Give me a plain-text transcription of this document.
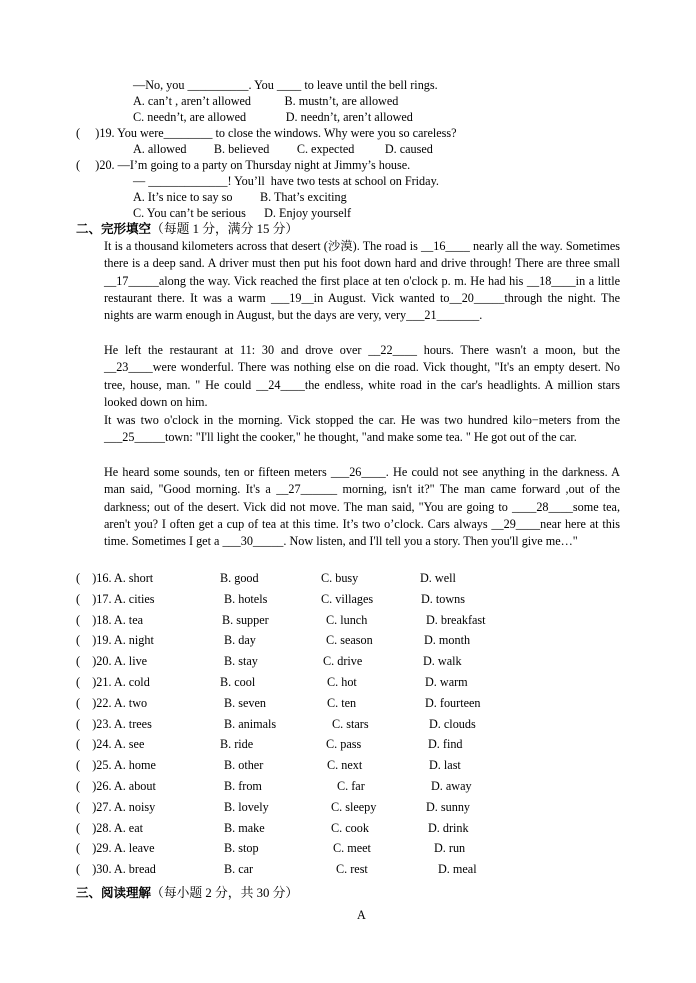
—No, you __________. You ____ to leave until the bell rings.
A. can’t , aren’t allowed           B. mustn’t, are allowed
C. needn’t, are allowed             D. needn’t, aren’t allowed
(     )19. You were________ to close the windows. Why were you so careless?
A. allowed         B. believed         C. expected          D. caused
(     )20. —I’m going to a party on Thursday night at Jimmy’s house.
— _____________! You’ll  have two tests at school on Friday.
A. It’s nice to say so         B. That’s exciting
C. You can’t be serious      D. Enjoy yourself
二、完形填空（每题 1 分，满分 15 分）
It is a thousand kilometers across that desert (沙漠). The road is __16____ nearly all the way. Sometimes there is a deep sand. A driver must then put his foot down hard and drive through! There are three small __17_____along the way. Vick reached the first place at ten o'clock p. m. He had his __18____in a little restaurant there. It was a warm ___19__in August. Vick wanted to__20_____through the night. The nights are warm enough in August, but the days are very, very___21_______.
He left the restaurant at 11: 30 and drove over __22____ hours. There wasn't a moon, but the __23____were wonderful. There was nothing else on die road. Vick thought, "It's an empty desert. No tree, house, man. " He could __24____the endless, white road in the car's headlights. A million stars looked down on him.
It was two o'clock in the morning. Vick stopped the car. He was two hundred kilo−meters from the ___25_____town: "I'll light the cooker," he thought, "and make some tea. " He got out of the car.
He heard some sounds, ten or fifteen meters ___26____. He could not see anything in the darkness. A man said, "Good morning. It's a __27______ morning, isn't it?" The man came forward ,out of the darkness; out of the desert. Vick did not move. The man said, "You are going to ____28____some tea, aren't you? I often get a cup of tea at this time. It’s two o’clock. Cars always __29____near here at this time. Sometimes I get a ___30_____. Now listen, and I'll tell you a story. Then you'll give me…"
(    )16. A. short	B. good	C. busy	D. well
(    )17. A. cities	B. hotels	C. villages	D. towns
(    )18. A. tea	B. supper	C. lunch	D. breakfast
(    )19. A. night	B. day	C. season	D. month
(    )20. A. live	B. stay	C. drive	D. walk
(    )21. A. cold	B. cool	C. hot	D. warm
(    )22. A. two	B. seven	C. ten	D. fourteen
(    )23. A. trees	B. animals	C. stars	D. clouds
(    )24. A. see	B. ride	C. pass	D. find
(    )25. A. home	B. other	C. next	D. last
(    )26. A. about	B. from	C. far	D. away
(    )27. A. noisy	B. lovely	C. sleepy	D. sunny
(    )28. A. eat	B. make	C. cook	D. drink
(    )29. A. leave	B. stop	C. meet	D. run
(    )30. A. bread	B. car	C. rest	D. meal
三、阅读理解（每小题 2 分，共 30 分）
A
